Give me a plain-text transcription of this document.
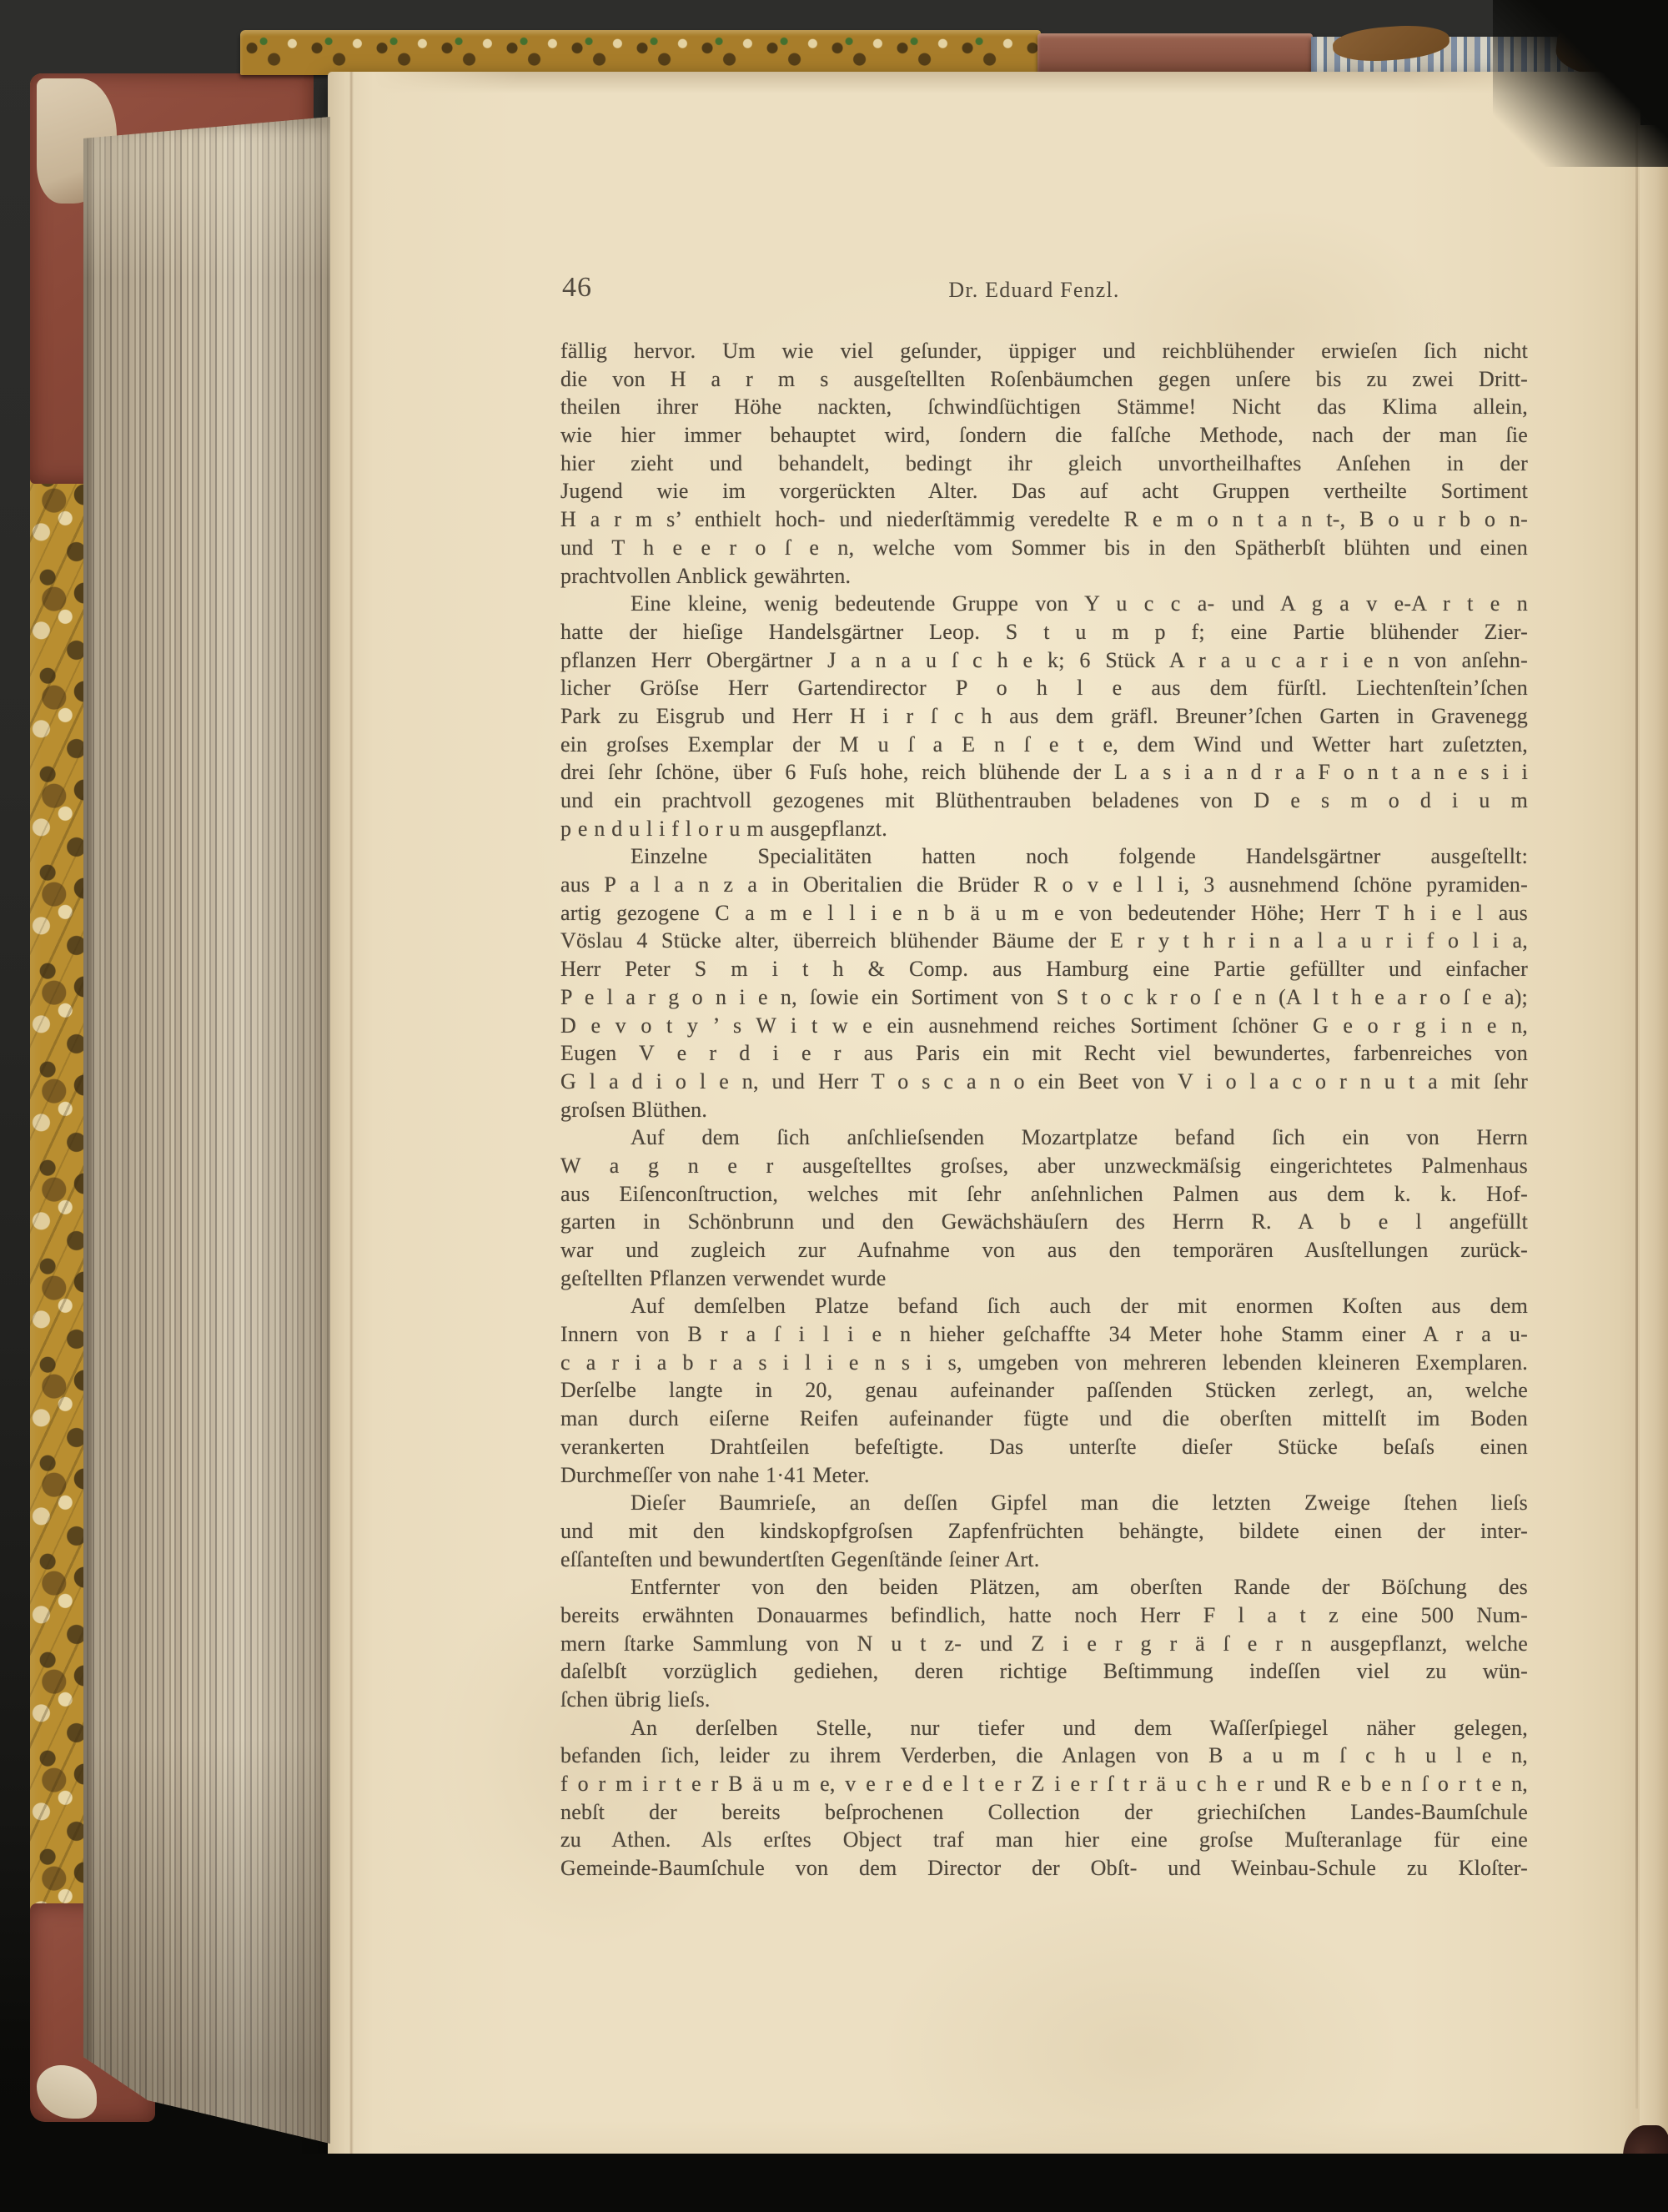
46	Dr. Eduard Fenzl.
fällig hervor. Um wie viel geſunder, üppiger und reichblühender erwieſen ſich nicht
die von H a r m s ausgeſtellten Roſenbäumchen gegen unſere bis zu zwei Dritt-
theilen ihrer Höhe nackten, ſchwindſüchtigen Stämme! Nicht das Klima allein,
wie hier immer behauptet wird, ſondern die falſche Methode, nach der man ſie
hier zieht und behandelt, bedingt ihr gleich unvortheilhaftes Anſehen in der
Jugend wie im vorgerückten Alter. Das auf acht Gruppen vertheilte Sortiment
H a r m s’ enthielt hoch- und niederſtämmig veredelte R e m o n t a n t-, B o u r b o n-
und T h e e r o ſ e n, welche vom Sommer bis in den Spätherbſt blühten und einen
prachtvollen Anblick gewährten.
Eine kleine, wenig bedeutende Gruppe von Y u c c a- und A g a v e-A r t e n
hatte der hieſige Handelsgärtner Leop. S t u m p f; eine Partie blühender Zier-
pflanzen Herr Obergärtner J a n a u ſ c h e k; 6 Stück A r a u c a r i e n von anſehn-
licher Gröſse Herr Gartendirector P o h l e aus dem fürſtl. Liechtenſtein’ſchen
Park zu Eisgrub und Herr H i r ſ c h aus dem gräfl. Breuner’ſchen Garten in Gravenegg
ein groſses Exemplar der M u ſ a E n ſ e t e, dem Wind und Wetter hart zuſetzten,
drei ſehr ſchöne, über 6 Fuſs hohe, reich blühende der L a s i a n d r a F o n t a n e s i i
und ein prachtvoll gezogenes mit Blüthentrauben beladenes von D e s m o d i u m
p e n d u l i f l o r u m ausgepflanzt.
Einzelne Specialitäten hatten noch folgende Handelsgärtner ausgeſtellt:
aus P a l a n z a in Oberitalien die Brüder R o v e l l i, 3 ausnehmend ſchöne pyramiden-
artig gezogene C a m e l l i e n b ä u m e von bedeutender Höhe; Herr T h i e l aus
Vöslau 4 Stücke alter, überreich blühender Bäume der E r y t h r i n a l a u r i f o l i a,
Herr Peter S m i t h & Comp. aus Hamburg eine Partie gefüllter und einfacher
P e l a r g o n i e n, ſowie ein Sortiment von S t o c k r o ſ e n (A l t h e a r o ſ e a);
D e v o t y ’ s W i t w e ein ausnehmend reiches Sortiment ſchöner G e o r g i n e n,
Eugen V e r d i e r aus Paris ein mit Recht viel bewundertes, farbenreiches von
G l a d i o l e n, und Herr T o s c a n o ein Beet von V i o l a c o r n u t a mit ſehr
groſsen Blüthen.
Auf dem ſich anſchlieſsenden Mozartplatze befand ſich ein von Herrn
W a g n e r ausgeſtelltes groſses, aber unzweckmäſsig eingerichtetes Palmenhaus
aus Eiſenconſtruction, welches mit ſehr anſehnlichen Palmen aus dem k. k. Hof-
garten in Schönbrunn und den Gewächshäuſern des Herrn R. A b e l angefüllt
war und zugleich zur Aufnahme von aus den temporären Ausſtellungen zurück-
geſtellten Pflanzen verwendet wurde
Auf demſelben Platze befand ſich auch der mit enormen Koſten aus dem
Innern von B r a ſ i l i e n hieher geſchaffte 34 Meter hohe Stamm einer A r a u-
c a r i a b r a s i l i e n s i s, umgeben von mehreren lebenden kleineren Exemplaren.
Derſelbe langte in 20, genau aufeinander paſſenden Stücken zerlegt, an, welche
man durch eiſerne Reifen aufeinander fügte und die oberſten mittelſt im Boden
verankerten Drahtſeilen befeſtigte. Das unterſte dieſer Stücke beſaſs einen
Durchmeſſer von nahe 1·41 Meter.
Dieſer Baumrieſe, an deſſen Gipfel man die letzten Zweige ſtehen lieſs
und mit den kindskopfgroſsen Zapfenfrüchten behängte, bildete einen der inter-
eſſanteſten und bewundertſten Gegenſtände ſeiner Art.
Entfernter von den beiden Plätzen, am oberſten Rande der Böſchung des
bereits erwähnten Donauarmes befindlich, hatte noch Herr F l a t z eine 500 Num-
mern ſtarke Sammlung von N u t z- und Z i e r g r ä ſ e r n ausgepflanzt, welche
daſelbſt vorzüglich gediehen, deren richtige Beſtimmung indeſſen viel zu wün-
ſchen übrig lieſs.
An derſelben Stelle, nur tiefer und dem Waſſerſpiegel näher gelegen,
befanden ſich, leider zu ihrem Verderben, die Anlagen von B a u m ſ c h u l e n,
f o r m i r t e r B ä u m e, v e r e d e l t e r Z i e r ſ t r ä u c h e r und R e b e n ſ o r t e n,
nebſt der bereits beſprochenen Collection der griechiſchen Landes-Baumſchule
zu Athen. Als erſtes Object traf man hier eine groſse Muſteranlage für eine
Gemeinde-Baumſchule von dem Director der Obſt- und Weinbau-Schule zu Kloſter-
